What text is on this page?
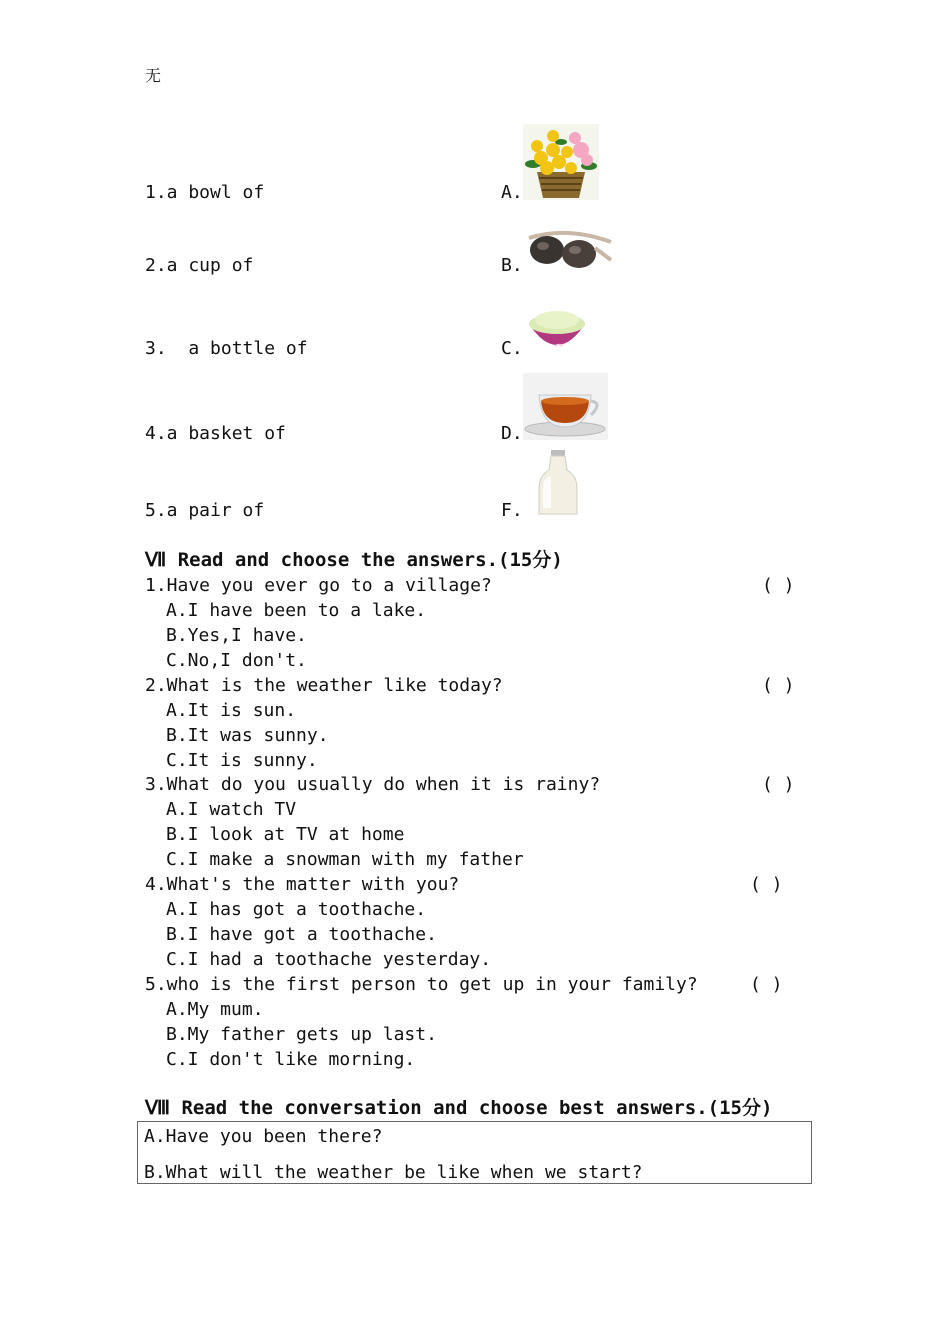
无
1.a bowl of	A.
2.a cup of	B.
3.  a bottle of	C.
4.a basket of	D.
5.a pair of	F.
Ⅶ Read and choose the answers.(15分)
1.Have you ever go to a village?	( )
A.I have been to a lake.
B.Yes,I have.
C.No,I don't.
2.What is the weather like today?	( )
A.It is sun.
B.It was sunny.
C.It is sunny.
3.What do you usually do when it is rainy?	( )
A.I watch TV
B.I look at TV at home
C.I make a snowman with my father
4.What's the matter with you?	( )
A.I has got a toothache.
B.I have got a toothache.
C.I had a toothache yesterday.
5.who is the first person to get up in your family?	( )
A.My mum.
B.My father gets up last.
C.I don't like morning.
Ⅷ Read the conversation and choose best answers.(15分)
A.Have you been there?
B.What will the weather be like when we start?
